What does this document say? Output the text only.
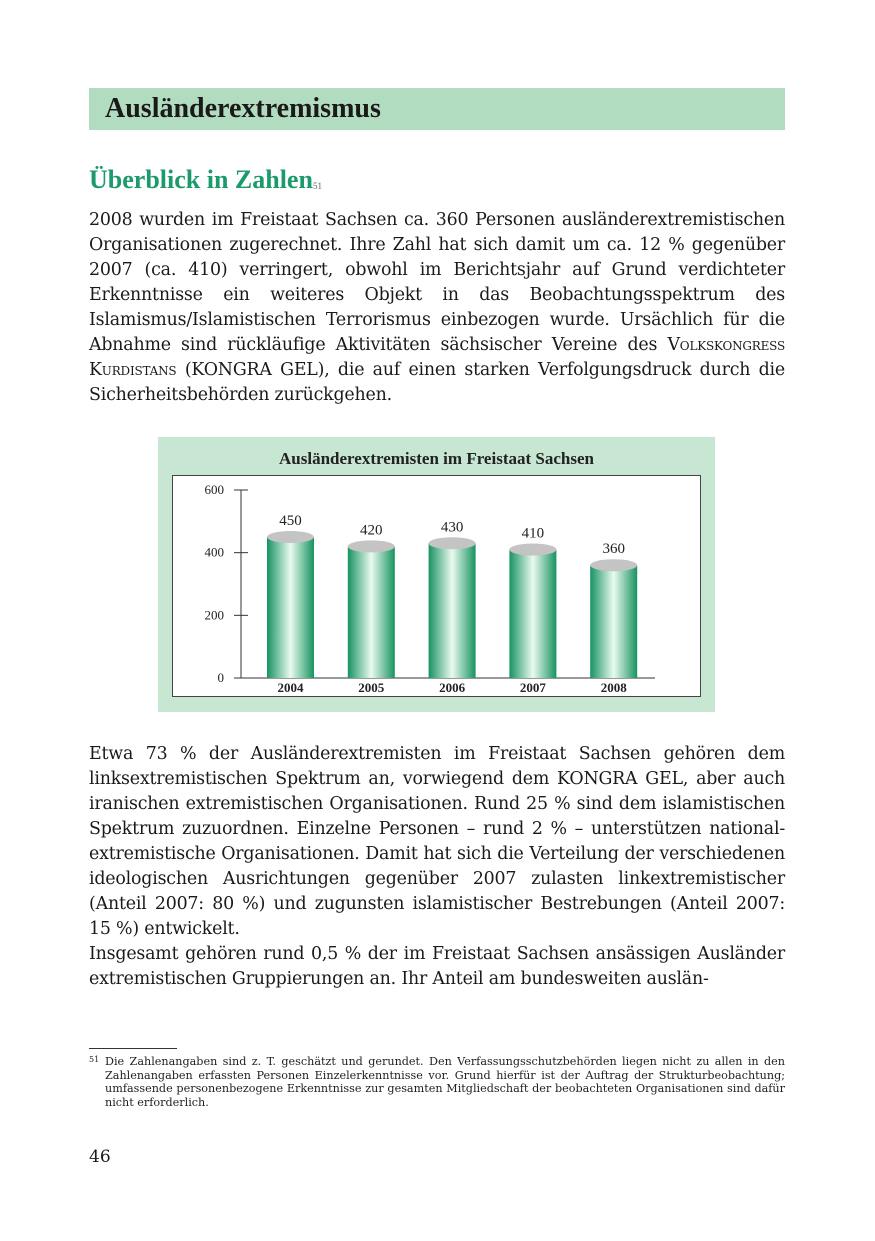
Ausländerextremismus
Überblick in Zahlen$^{51}$

2008 wurden im Freistaat Sachsen ca. 360 Personen ausländerextremistischen Organisationen zugerechnet. Ihre Zahl hat sich damit um ca. 12 % gegenüber 2007 (ca. 410) verringert, obwohl im Berichtsjahr auf Grund verdichteter Erkenntnisse ein weiteres Objekt in das Beobachtungsspektrum des Islamismus/Islamistischen Terrorismus einbezogen wurde. Ursächlich für die Abnahme sind rückläufige Aktivitäten sächsischer Vereine des Volkskongress Kurdistans (KONGRA GEL), die auf einen starken Verfolgungsdruck durch die Sicherheitsbehörden zurückgehen.

Ausländerextremisten im Freistaat Sachsen
0
200
400
600
450
2004
420
2005
430
2006
410
2007
360
2008

Etwa 73 % der Ausländerextremisten im Freistaat Sachsen gehören dem linksextremistischen Spektrum an, vorwiegend dem KONGRA GEL, aber auch iranischen extremistischen Organisationen. Rund 25 % sind dem islamistischen Spektrum zuzuordnen. Einzelne Personen – rund 2 % – unterstützen national-extremistische Organisationen. Damit hat sich die Verteilung der verschiedenen ideologischen Ausrichtungen gegenüber 2007 zulasten linkextremistischer (Anteil 2007: 80 %) und zugunsten islamistischer Bestrebungen (Anteil 2007: 15 %) entwickelt.

Insgesamt gehören rund 0,5 % der im Freistaat Sachsen ansässigen Ausländer extremistischen Gruppierungen an. Ihr Anteil am bundesweiten auslän-

51 Die Zahlenangaben sind z. T. geschätzt und gerundet. Den Verfassungsschutzbehörden liegen nicht zu allen in den Zahlenangaben erfassten Personen Einzelerkenntnisse vor. Grund hierfür ist der Auftrag der Strukturbeobachtung; umfassende personenbezogene Erkenntnisse zur gesamten Mitgliedschaft der beobachteten Organisationen sind dafür nicht erforderlich.
46
